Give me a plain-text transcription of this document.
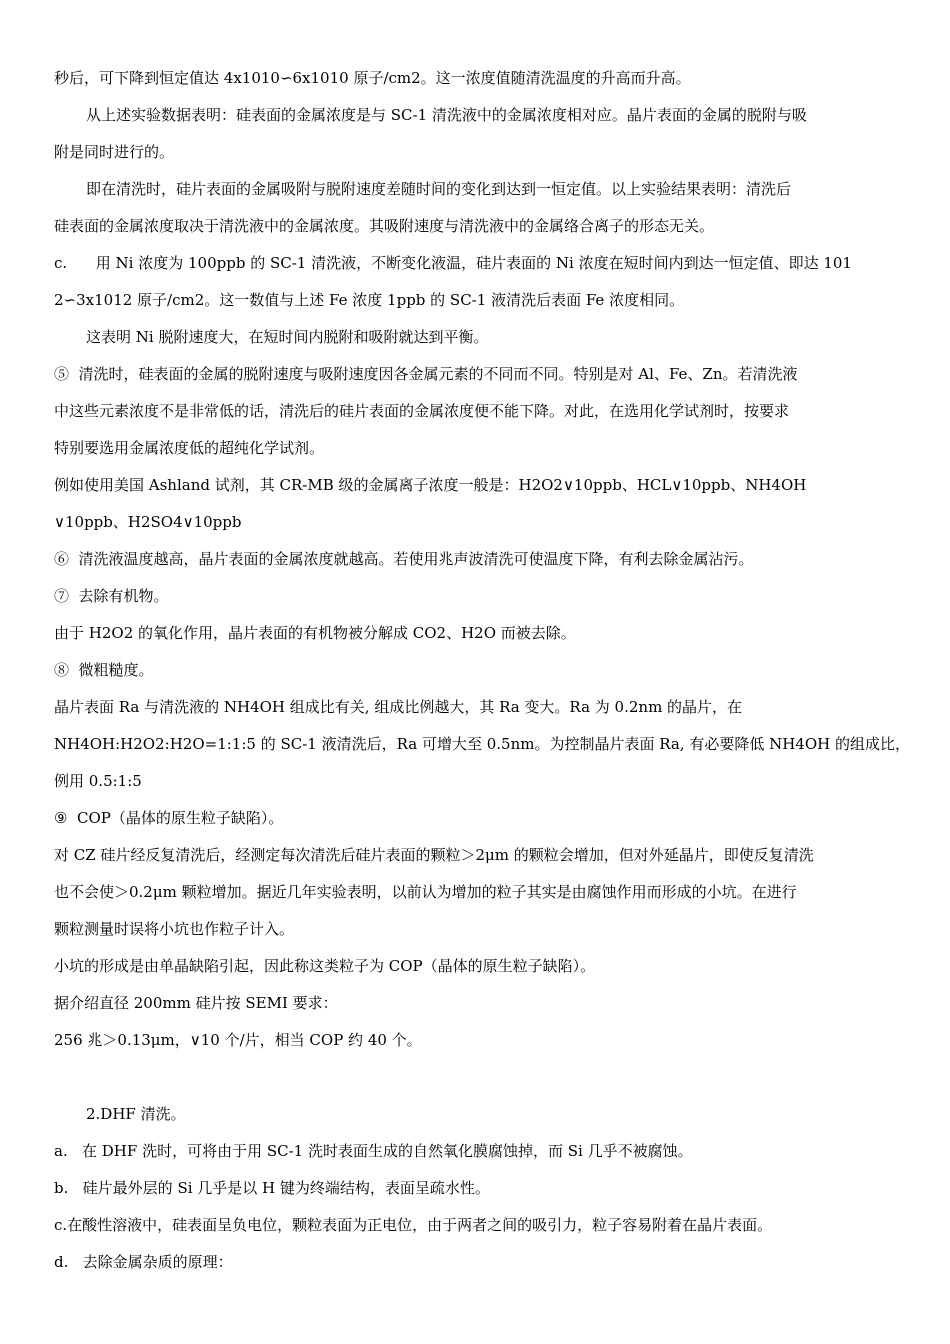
秒后，可下降到恒定值达 4x1010∽6x1010 原子/cm2。这一浓度值随清洗温度的升高而升高。
从上述实验数据表明：硅表面的金属浓度是与 SC-1 清洗液中的金属浓度相对应。晶片表面的金属的脱附与吸
附是同时进行的。
即在清洗时，硅片表面的金属吸附与脱附速度差随时间的变化到达到一恒定值。以上实验结果表明：清洗后
硅表面的金属浓度取决于清洗液中的金属浓度。其吸附速度与清洗液中的金属络合离子的形态无关。
c.      用 Ni 浓度为 100ppb 的 SC-1 清洗液，不断变化液温，硅片表面的 Ni 浓度在短时间内到达一恒定值、即达 101
2∽3x1012 原子/cm2。这一数值与上述 Fe 浓度 1ppb 的 SC-1 液清洗后表面 Fe 浓度相同。
这表明 Ni 脱附速度大，在短时间内脱附和吸附就达到平衡。
⑤  清洗时，硅表面的金属的脱附速度与吸附速度因各金属元素的不同而不同。特别是对 Al、Fe、Zn。若清洗液
中这些元素浓度不是非常低的话，清洗后的硅片表面的金属浓度便不能下降。对此，在选用化学试剂时，按要求
特别要选用金属浓度低的超纯化学试剂。
例如使用美国 Ashland 试剂，其 CR-MB 级的金属离子浓度一般是：H2O2∨10ppb、HCL∨10ppb、NH4OH
∨10ppb、H2SO4∨10ppb
⑥  清洗液温度越高，晶片表面的金属浓度就越高。若使用兆声波清洗可使温度下降，有利去除金属沾污。
⑦  去除有机物。
由于 H2O2 的氧化作用，晶片表面的有机物被分解成 CO2、H2O 而被去除。
⑧  微粗糙度。
晶片表面 Ra 与清洗液的 NH4OH 组成比有关, 组成比例越大，其 Ra 变大。Ra 为 0.2nm 的晶片，在
NH4OH:H2O2:H2O=1:1:5 的 SC-1 液清洗后，Ra 可增大至 0.5nm。为控制晶片表面 Ra, 有必要降低 NH4OH 的组成比，
例用 0.5:1:5
⑨  COP（晶体的原生粒子缺陷）。
对 CZ 硅片经反复清洗后，经测定每次清洗后硅片表面的颗粒＞2μm 的颗粒会增加，但对外延晶片，即使反复清洗
也不会使＞0.2μm 颗粒增加。据近几年实验表明，以前认为增加的粒子其实是由腐蚀作用而形成的小坑。在进行
颗粒测量时误将小坑也作粒子计入。
小坑的形成是由单晶缺陷引起，因此称这类粒子为 COP（晶体的原生粒子缺陷）。
据介绍直径 200mm 硅片按 SEMI 要求：
256 兆＞0.13μm，∨10 个/片，相当 COP 约 40 个。
2.DHF 清洗。
a.   在 DHF 洗时，可将由于用 SC-1 洗时表面生成的自然氧化膜腐蚀掉，而 Si 几乎不被腐蚀。
b.   硅片最外层的 Si 几乎是以 H 键为终端结构，表面呈疏水性。
c.在酸性溶液中，硅表面呈负电位，颗粒表面为正电位，由于两者之间的吸引力，粒子容易附着在晶片表面。
d.   去除金属杂质的原理：
